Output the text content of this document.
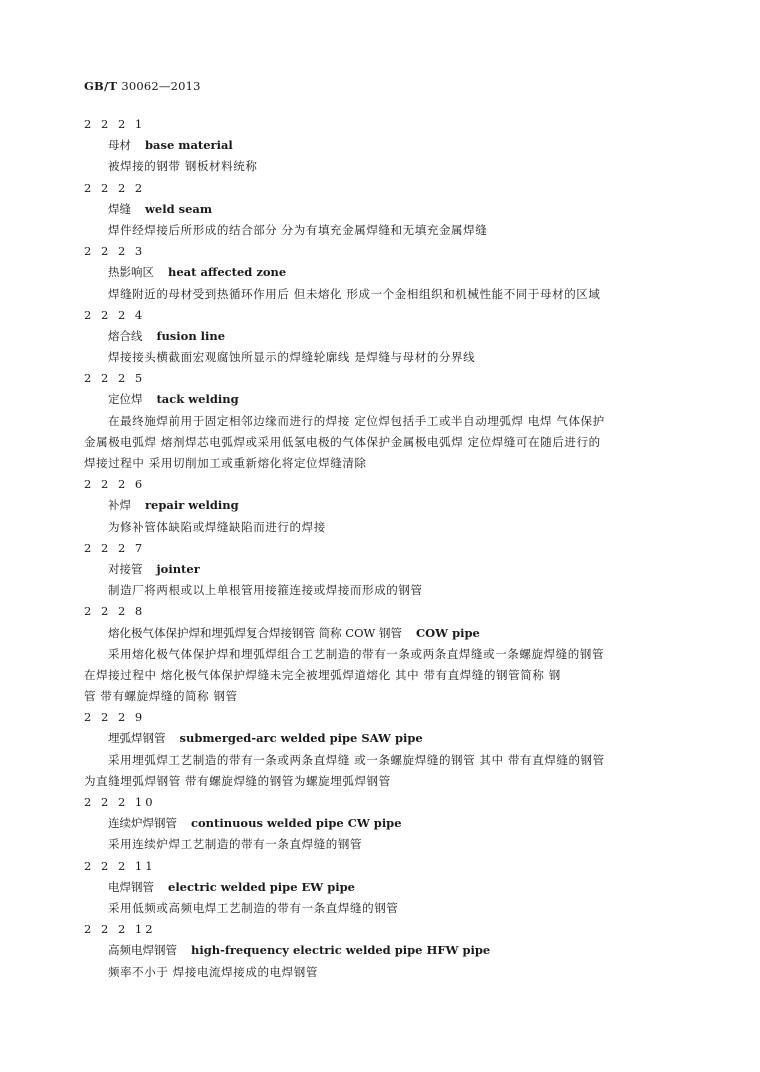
GB/T 30062—2013
2 2 2 1
母材 base material
被焊接的钢带 钢板材料统称
2 2 2 2
焊缝 weld seam
焊件经焊接后所形成的结合部分 分为有填充金属焊缝和无填充金属焊缝
2 2 2 3
热影响区 heat affected zone
焊缝附近的母材受到热循环作用后 但未熔化 形成一个金相组织和机械性能不同于母材的区域
2 2 2 4
熔合线 fusion line
焊接接头横截面宏观腐蚀所显示的焊缝轮廓线 是焊缝与母材的分界线
2 2 2 5
定位焊 tack welding
在最终施焊前用于固定相邻边缘而进行的焊接 定位焊包括手工或半自动埋弧焊 电焊 气体保护
金属极电弧焊 熔剂焊芯电弧焊或采用低氢电极的气体保护金属极电弧焊 定位焊缝可在随后进行的
焊接过程中 采用切削加工或重新熔化将定位焊缝清除
2 2 2 6
补焊 repair welding
为修补管体缺陷或焊缝缺陷而进行的焊接
2 2 2 7
对接管 jointer
制造厂将两根或以上单根管用接箍连接或焊接而形成的钢管
2 2 2 8
熔化极气体保护焊和埋弧焊复合焊接钢管 简称 COW 钢管 COW pipe
采用熔化极气体保护焊和埋弧焊组合工艺制造的带有一条或两条直焊缝或一条螺旋焊缝的钢管
在焊接过程中 熔化极气体保护焊缝未完全被埋弧焊道熔化 其中 带有直焊缝的钢管简称 钢
管 带有螺旋焊缝的简称 钢管
2 2 2 9
埋弧焊钢管 submerged-arc welded pipe SAW pipe
采用埋弧焊工艺制造的带有一条或两条直焊缝 或一条螺旋焊缝的钢管 其中 带有直焊缝的钢管
为直缝埋弧焊钢管 带有螺旋焊缝的钢管为螺旋埋弧焊钢管
2 2 2 10
连续炉焊钢管 continuous welded pipe CW pipe
采用连续炉焊工艺制造的带有一条直焊缝的钢管
2 2 2 11
电焊钢管 electric welded pipe EW pipe
采用低频或高频电焊工艺制造的带有一条直焊缝的钢管
2 2 2 12
高频电焊钢管 high-frequency electric welded pipe HFW pipe
频率不小于 焊接电流焊接成的电焊钢管
